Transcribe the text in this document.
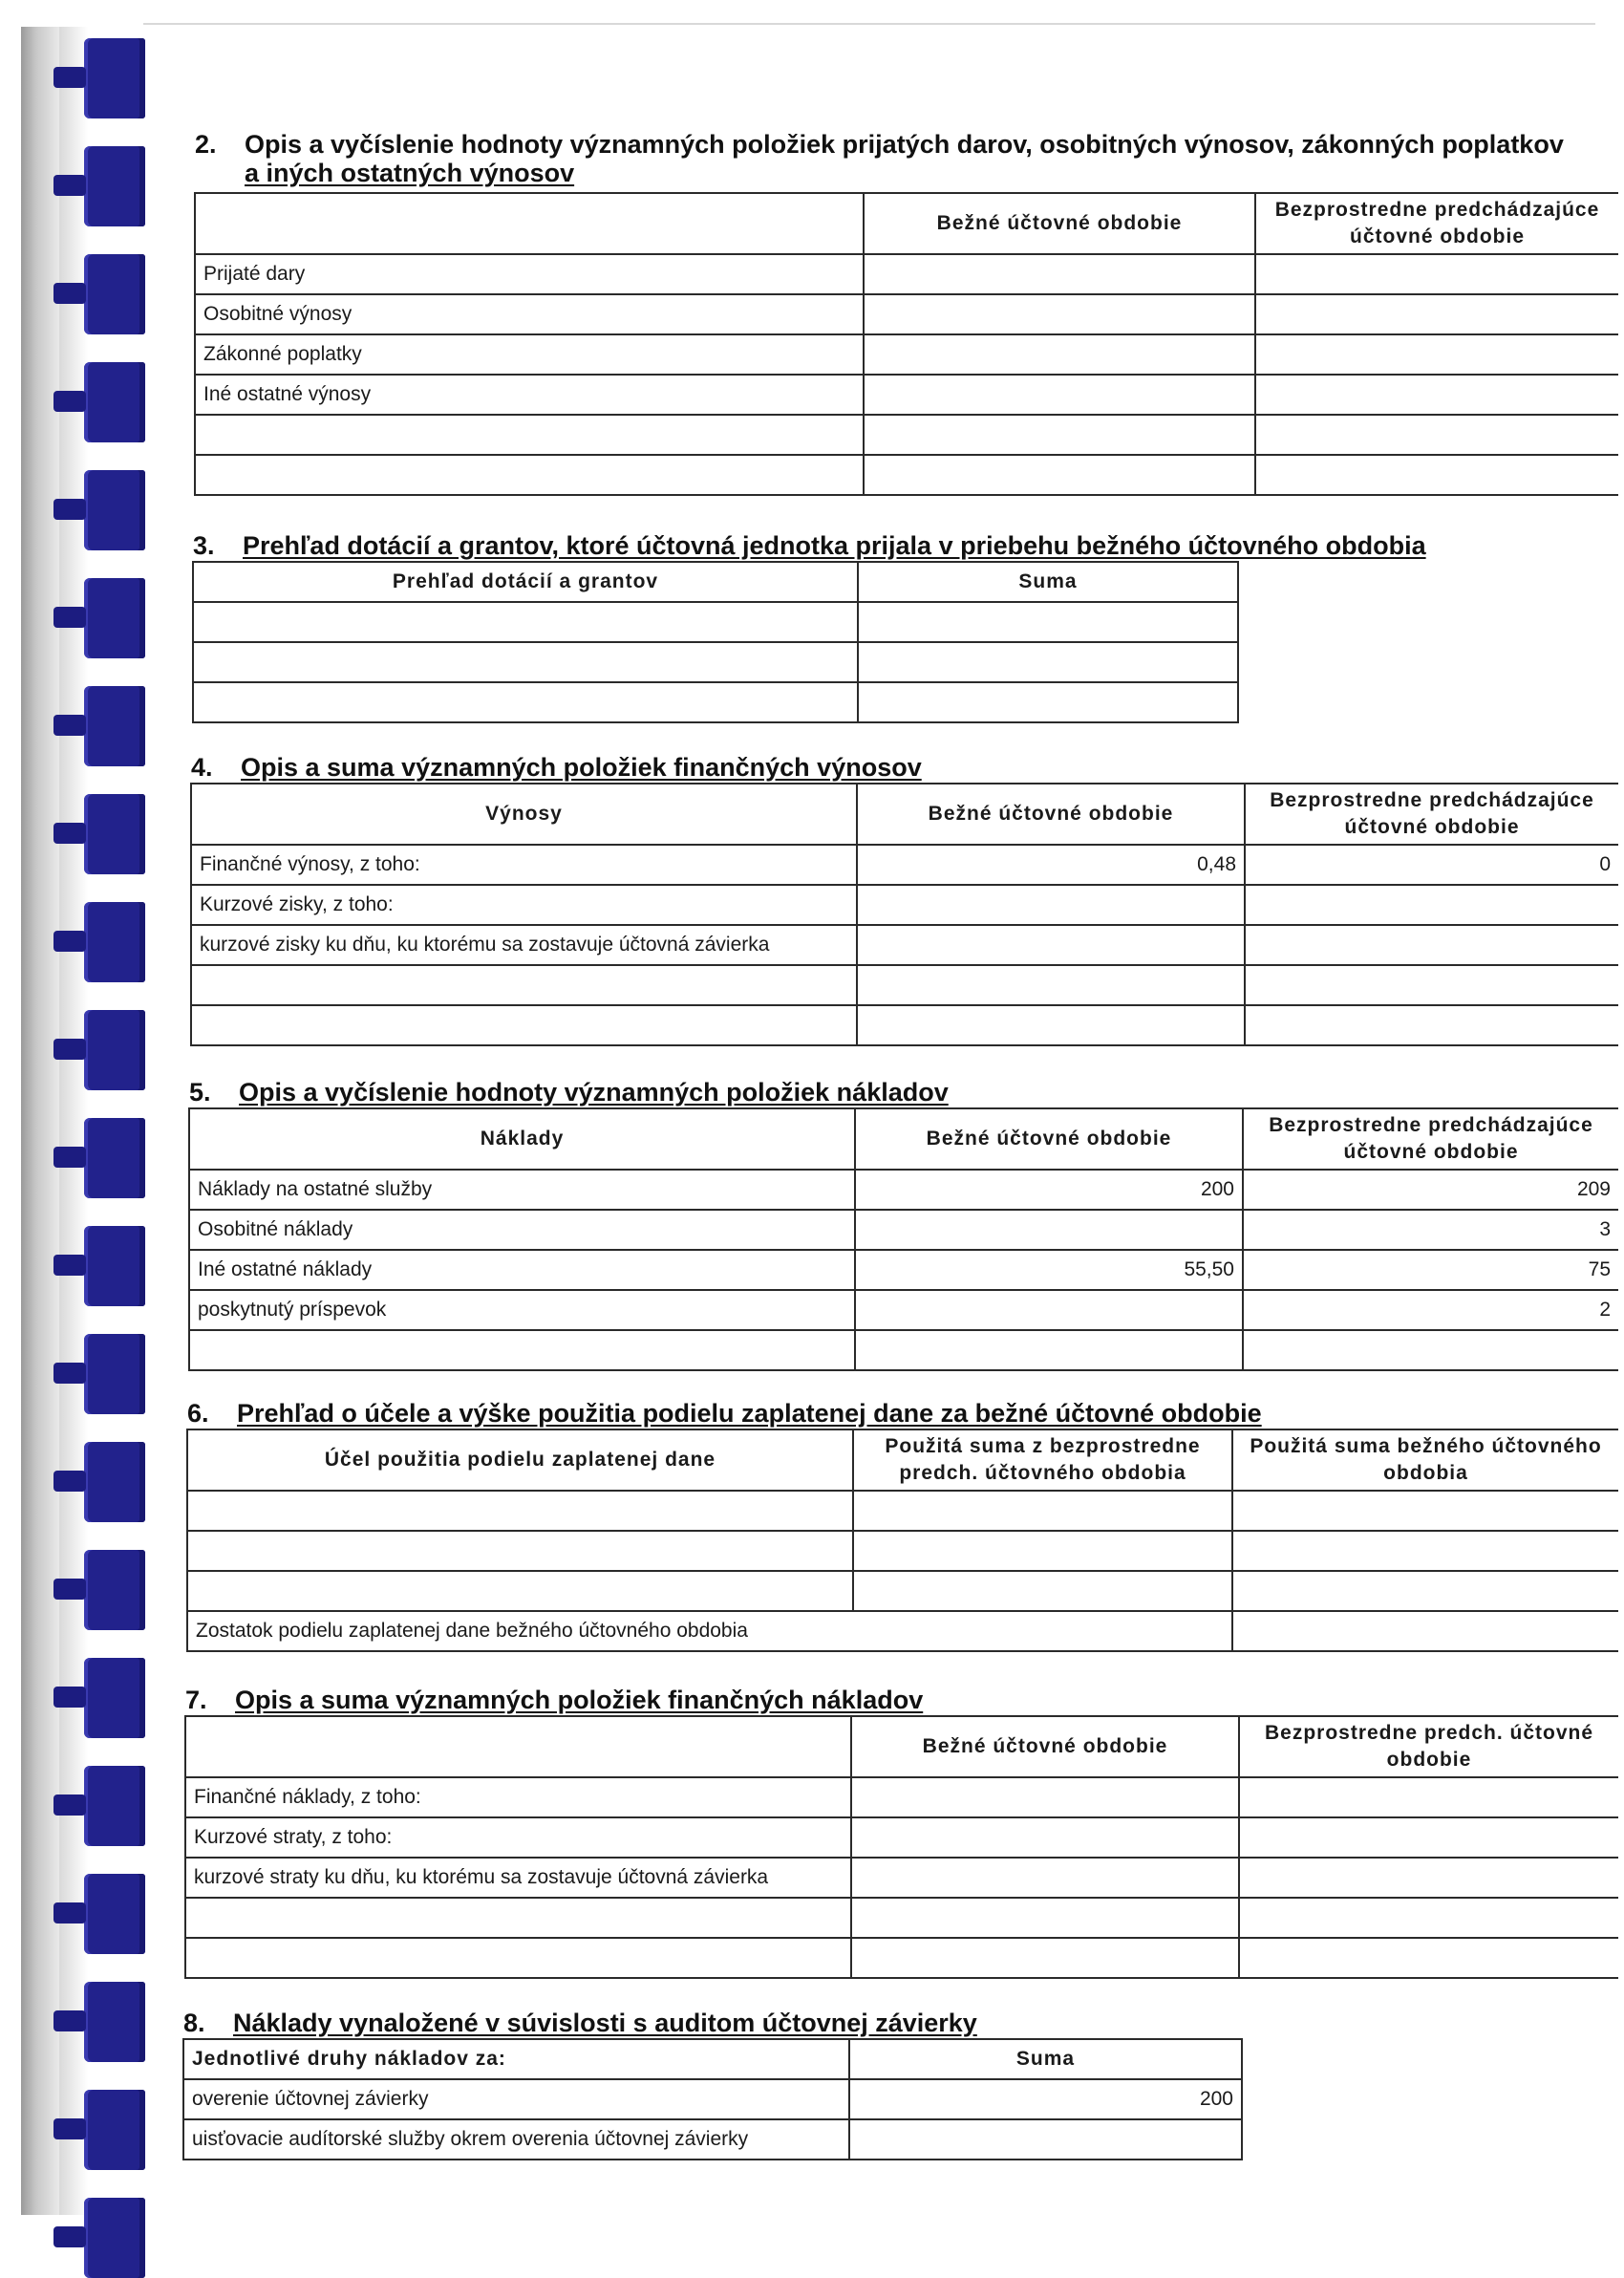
2. Opis a vyčíslenie hodnoty významných položiek prijatých darov, osobitných výnosov, zákonných poplatkov
a iných ostatných výnosov
	Bežné účtovné obdobie	Bezprostredne predchádzajúce účtovné obdobie
Prijaté dary		
Osobitné výnosy		
Zákonné poplatky		
Iné ostatné výnosy		

3. Prehľad dotácií a grantov, ktoré účtovná jednotka prijala v priebehu bežného účtovného obdobia
Prehľad dotácií a grantov	Suma

4. Opis a suma významných položiek finančných výnosov
Výnosy	Bežné účtovné obdobie	Bezprostredne predchádzajúce účtovné obdobie
Finančné výnosy, z toho:	0,48	0
Kurzové zisky, z toho:		
kurzové zisky ku dňu, ku ktorému sa zostavuje účtovná závierka		

5. Opis a vyčíslenie hodnoty významných položiek nákladov
Náklady	Bežné účtovné obdobie	Bezprostredne predchádzajúce účtovné obdobie
Náklady na ostatné služby	200	209
Osobitné náklady		3
Iné ostatné náklady	55,50	75
poskytnutý príspevok		2

6. Prehľad o účele a výške použitia podielu zaplatenej dane za bežné účtovné obdobie
Účel použitia podielu zaplatenej dane	Použitá suma z bezprostredne predch. účtovného obdobia	Použitá suma bežného účtovného obdobia

Zostatok podielu zaplatenej dane bežného účtovného obdobia		
7. Opis a suma významných položiek finančných nákladov
	Bežné účtovné obdobie	Bezprostredne predch. účtovné obdobie
Finančné náklady, z toho:		
Kurzové straty, z toho:		
kurzové straty ku dňu, ku ktorému sa zostavuje účtovná závierka		

8. Náklady vynaložené v súvislosti s auditom účtovnej závierky
Jednotlivé druhy nákladov za:	Suma
overenie účtovnej závierky	200
uisťovacie audítorské služby okrem overenia účtovnej závierky	
